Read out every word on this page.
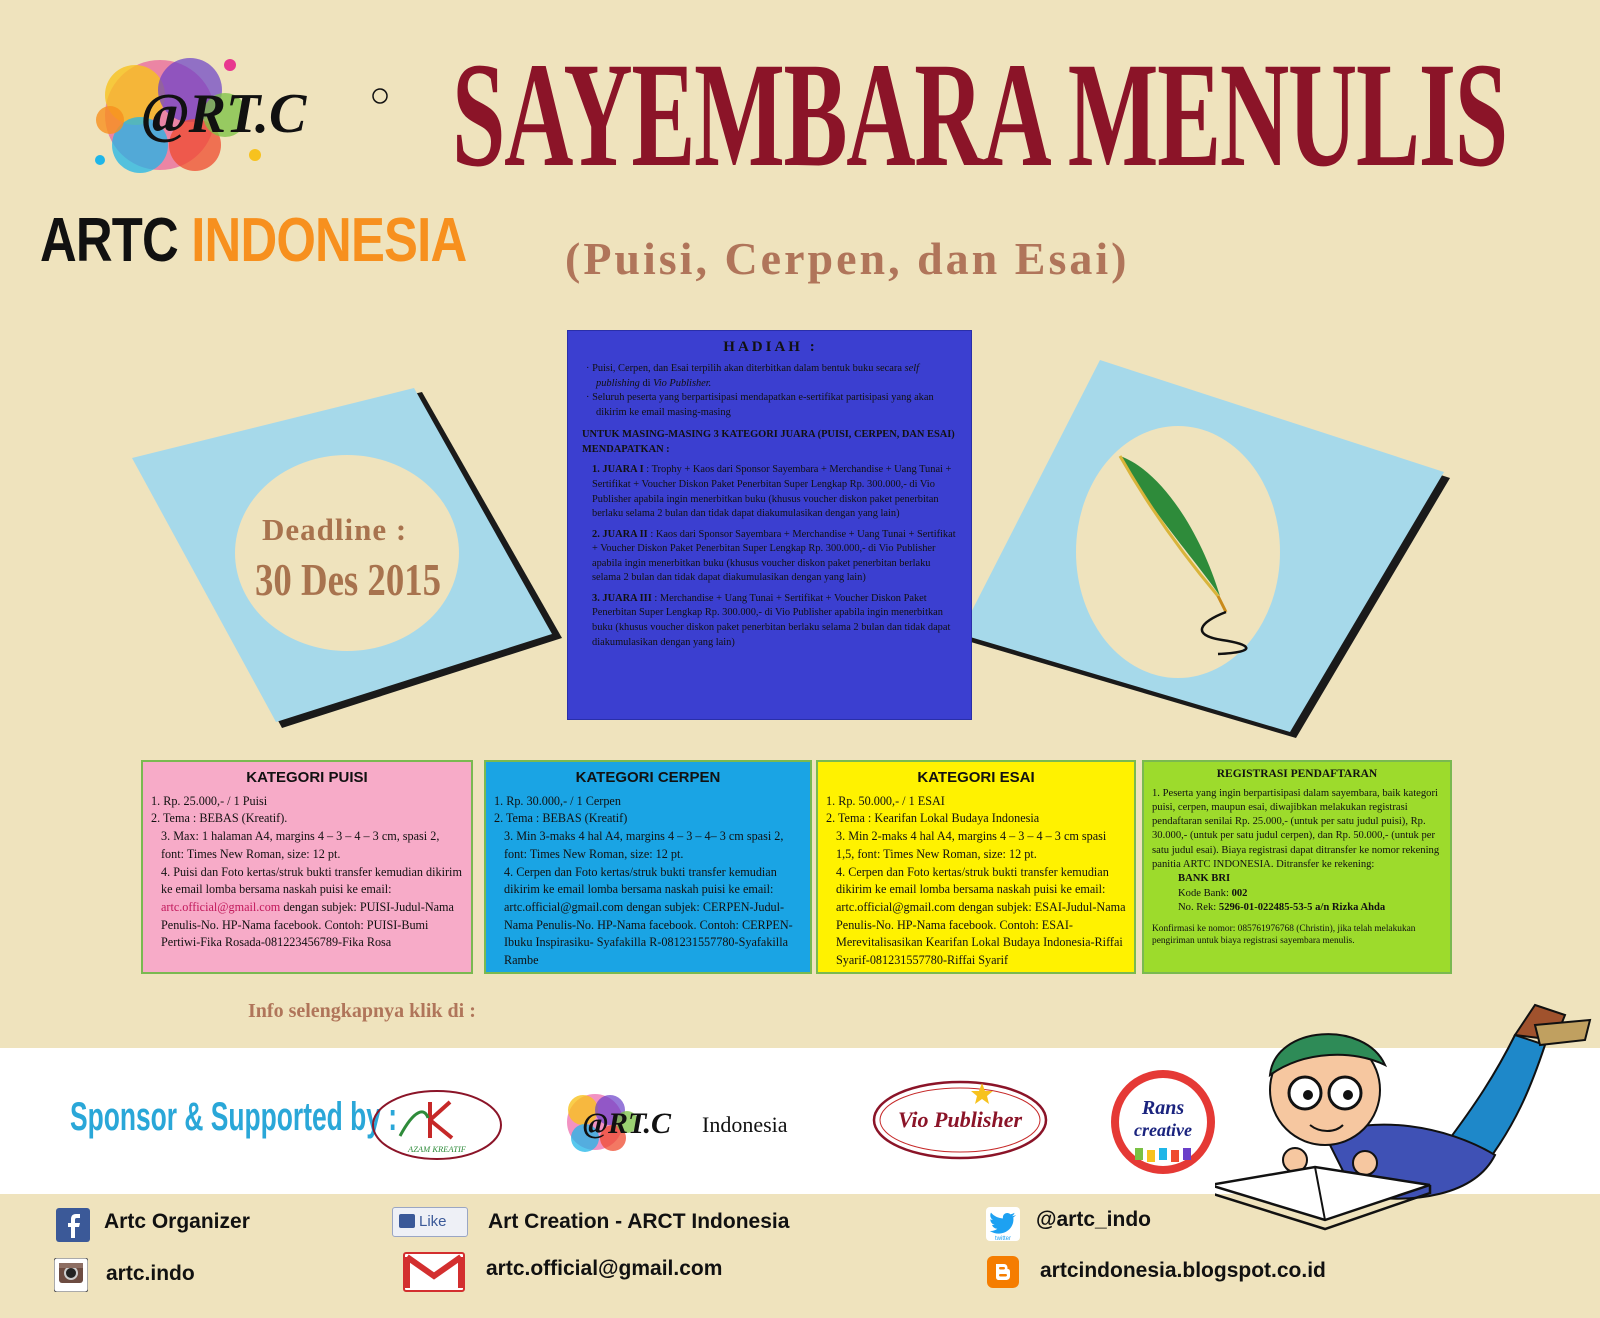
@RT.C
ARTC INDONESIA
SAYEMBARA MENULIS
(Puisi, Cerpen, dan Esai)
Deadline :
30 Des 2015
HADIAH :

· Puisi, Cerpen, dan Esai terpilih akan diterbitkan dalam bentuk buku secara self publishing di Vio Publisher.

· Seluruh peserta yang berpartisipasi mendapatkan e-sertifikat partisipasi yang akan dikirim ke email masing-masing

UNTUK MASING-MASING 3 KATEGORI JUARA (PUISI, CERPEN, DAN ESAI) MENDAPATKAN :

1. JUARA I : Trophy + Kaos dari Sponsor Sayembara + Merchandise + Uang Tunai + Sertifikat + Voucher Diskon Paket Penerbitan Super Lengkap Rp. 300.000,- di Vio Publisher apabila ingin menerbitkan buku (khusus voucher diskon paket penerbitan berlaku selama 2 bulan dan tidak dapat diakumulasikan dengan yang lain)

2. JUARA II : Kaos dari Sponsor Sayembara + Merchandise + Uang Tunai + Sertifikat + Voucher Diskon Paket Penerbitan Super Lengkap Rp. 300.000,- di Vio Publisher apabila ingin menerbitkan buku (khusus voucher diskon paket penerbitan berlaku selama 2 bulan dan tidak dapat diakumulasikan dengan yang lain)

3. JUARA III : Merchandise + Uang Tunai + Sertifikat + Voucher Diskon Paket Penerbitan Super Lengkap Rp. 300.000,- di Vio Publisher apabila ingin menerbitkan buku (khusus voucher diskon paket penerbitan berlaku selama 2 bulan dan tidak dapat diakumulasikan dengan yang lain)

KATEGORI PUISI

1. Rp. 25.000,- / 1 Puisi

2. Tema : BEBAS (Kreatif).

3. Max: 1 halaman A4, margins 4 – 3 – 4 – 3 cm, spasi 2, font: Times New Roman, size: 12 pt.

4. Puisi dan Foto kertas/struk bukti transfer kemudian dikirim ke email lomba bersama naskah puisi ke email: artc.official@gmail.com dengan subjek: PUISI-Judul-Nama Penulis-No. HP-Nama facebook. Contoh: PUISI-Bumi Pertiwi-Fika Rosada-081223456789-Fika Rosa

KATEGORI CERPEN

1. Rp. 30.000,- / 1 Cerpen

2. Tema : BEBAS (Kreatif)

3. Min 3-maks 4 hal A4, margins 4 – 3 – 4– 3 cm spasi 2, font: Times New Roman, size: 12 pt.

4. Cerpen dan Foto kertas/struk bukti transfer kemudian dikirim ke email lomba bersama naskah puisi ke email: artc.official@gmail.com dengan subjek: CERPEN-Judul-Nama Penulis-No. HP-Nama facebook. Contoh: CERPEN-Ibuku Inspirasiku- Syafakilla R-081231557780-Syafakilla Rambe

KATEGORI ESAI

1. Rp. 50.000,- / 1 ESAI

2. Tema : Kearifan Lokal Budaya Indonesia

3. Min 2-maks 4 hal A4, margins 4 – 3 – 4 – 3 cm spasi 1,5, font: Times New Roman, size: 12 pt.

4. Cerpen dan Foto kertas/struk bukti transfer kemudian dikirim ke email lomba bersama naskah puisi ke email: artc.official@gmail.com dengan subjek: ESAI-Judul-Nama Penulis-No. HP-Nama facebook. Contoh: ESAI-Merevitalisasikan Kearifan Lokal Budaya Indonesia-Riffai Syarif-081231557780-Riffai Syarif

REGISTRASI PENDAFTARAN

1. Peserta yang ingin berpartisipasi dalam sayembara, baik kategori puisi, cerpen, maupun esai, diwajibkan melakukan registrasi pendaftaran senilai Rp. 25.000,- (untuk per satu judul puisi), Rp. 30.000,- (untuk per satu judul cerpen), dan Rp. 50.000,- (untuk per satu judul esai). Biaya registrasi dapat ditransfer ke nomor rekening panitia ARTC INDONESIA. Ditransfer ke rekening:

BANK BRI

Kode Bank: 002

No. Rek: 5296-01-022485-53-5 a/n Rizka Ahda

Konfirmasi ke nomor: 085761976768 (Christin), jika telah melakukan pengiriman untuk biaya registrasi sayembara menulis.

Info selengkapnya klik di :
Sponsor & Supported by :
AZAM KREATIF
@RT.C Indonesia	Vio Publisher	Rans
creative
Artc Organizer	Like	Art Creation - ARCT Indonesia
twitter
@artc_indo
artc.indo	artc.official@gmail.com	artcindonesia.blogspot.co.id
